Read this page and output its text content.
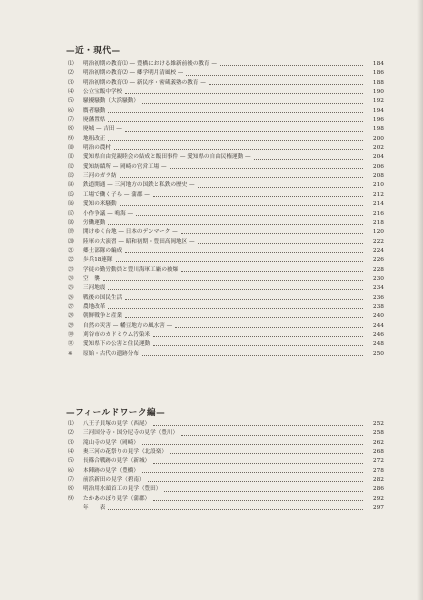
—近・現代—
⑴	明治初期の教育⑴ — 豊橋における維新前後の教育 —	184
⑵	明治初期の教育⑵ — 郷学明月清風校 —	186
⑶	明治初期の教育⑶ — 新民序・密蔵義塾の教育 —	188
⑷	公立宝飯中学校	190
⑸	騒擾騒動（大浜騒動）	192
⑹	贋者騒動	194
⑺	廃藩置県	196
⑻	廃城 — 吉田 —	198
⑼	地租改正	200
⑽	明治の農村	202
⑾	愛知県自由党親睦会の結成と飯田事件 — 愛知県の自由民権運動 —	204
⑿	愛知紡績所 — 岡崎の官営工場 —	206
⒀	三河のガラ紡	208
⒁	鉄道開通 — 三河地方の国鉄と私鉄の歴史 —	210
⒂	工場で働く子ら — 蒲郡 —	212
⒃	愛知の米騒動	214
⒄	小作争議 — 鳴海 —	216
⒅	労働運動	218
⒆	開けゆく台地 — 日本のデンマーク —	120
⒇	陸軍の大演習 — 昭和初期・豊田高岡地区 —	222
㉑	郷土部隊の編成	224
㉒	歩兵18連隊	226
㉓	学徒の勤労動員と豊川海軍工廠の被爆	228
㉔	空　襲	230
㉕	三河地震	234
㉖	戦後の国民生活	236
㉗	農地改革	238
㉘	朝鮮戦争と産業	240
㉙	自然の災害 — 幡豆地方の風水害 —	244
㉚	刈谷市のカドミウム汚染米	246
㉛	愛知県下の公害と住民運動	248
※	原始・古代の遺跡分布	250
—フィールドワーク編—
⑴	八王子貝塚の見学（西尾）	252
⑵	三河国分寺・国分尼寺の見学（豊川）	258
⑶	滝山寺の見学（岡崎）	262
⑷	奥三河の花祭りの見学（北設楽）	268
⑸	長篠合戦跡の見学（新城）	272
⑹	本陣跡の見学（豊橋）	278
⑺	前浜新田の見学（碧南）	282
⑻	明治用水頭首工の見学（豊田）	286
⑼	たかあのぼり見学（蒲郡）	292
年　　表	297
